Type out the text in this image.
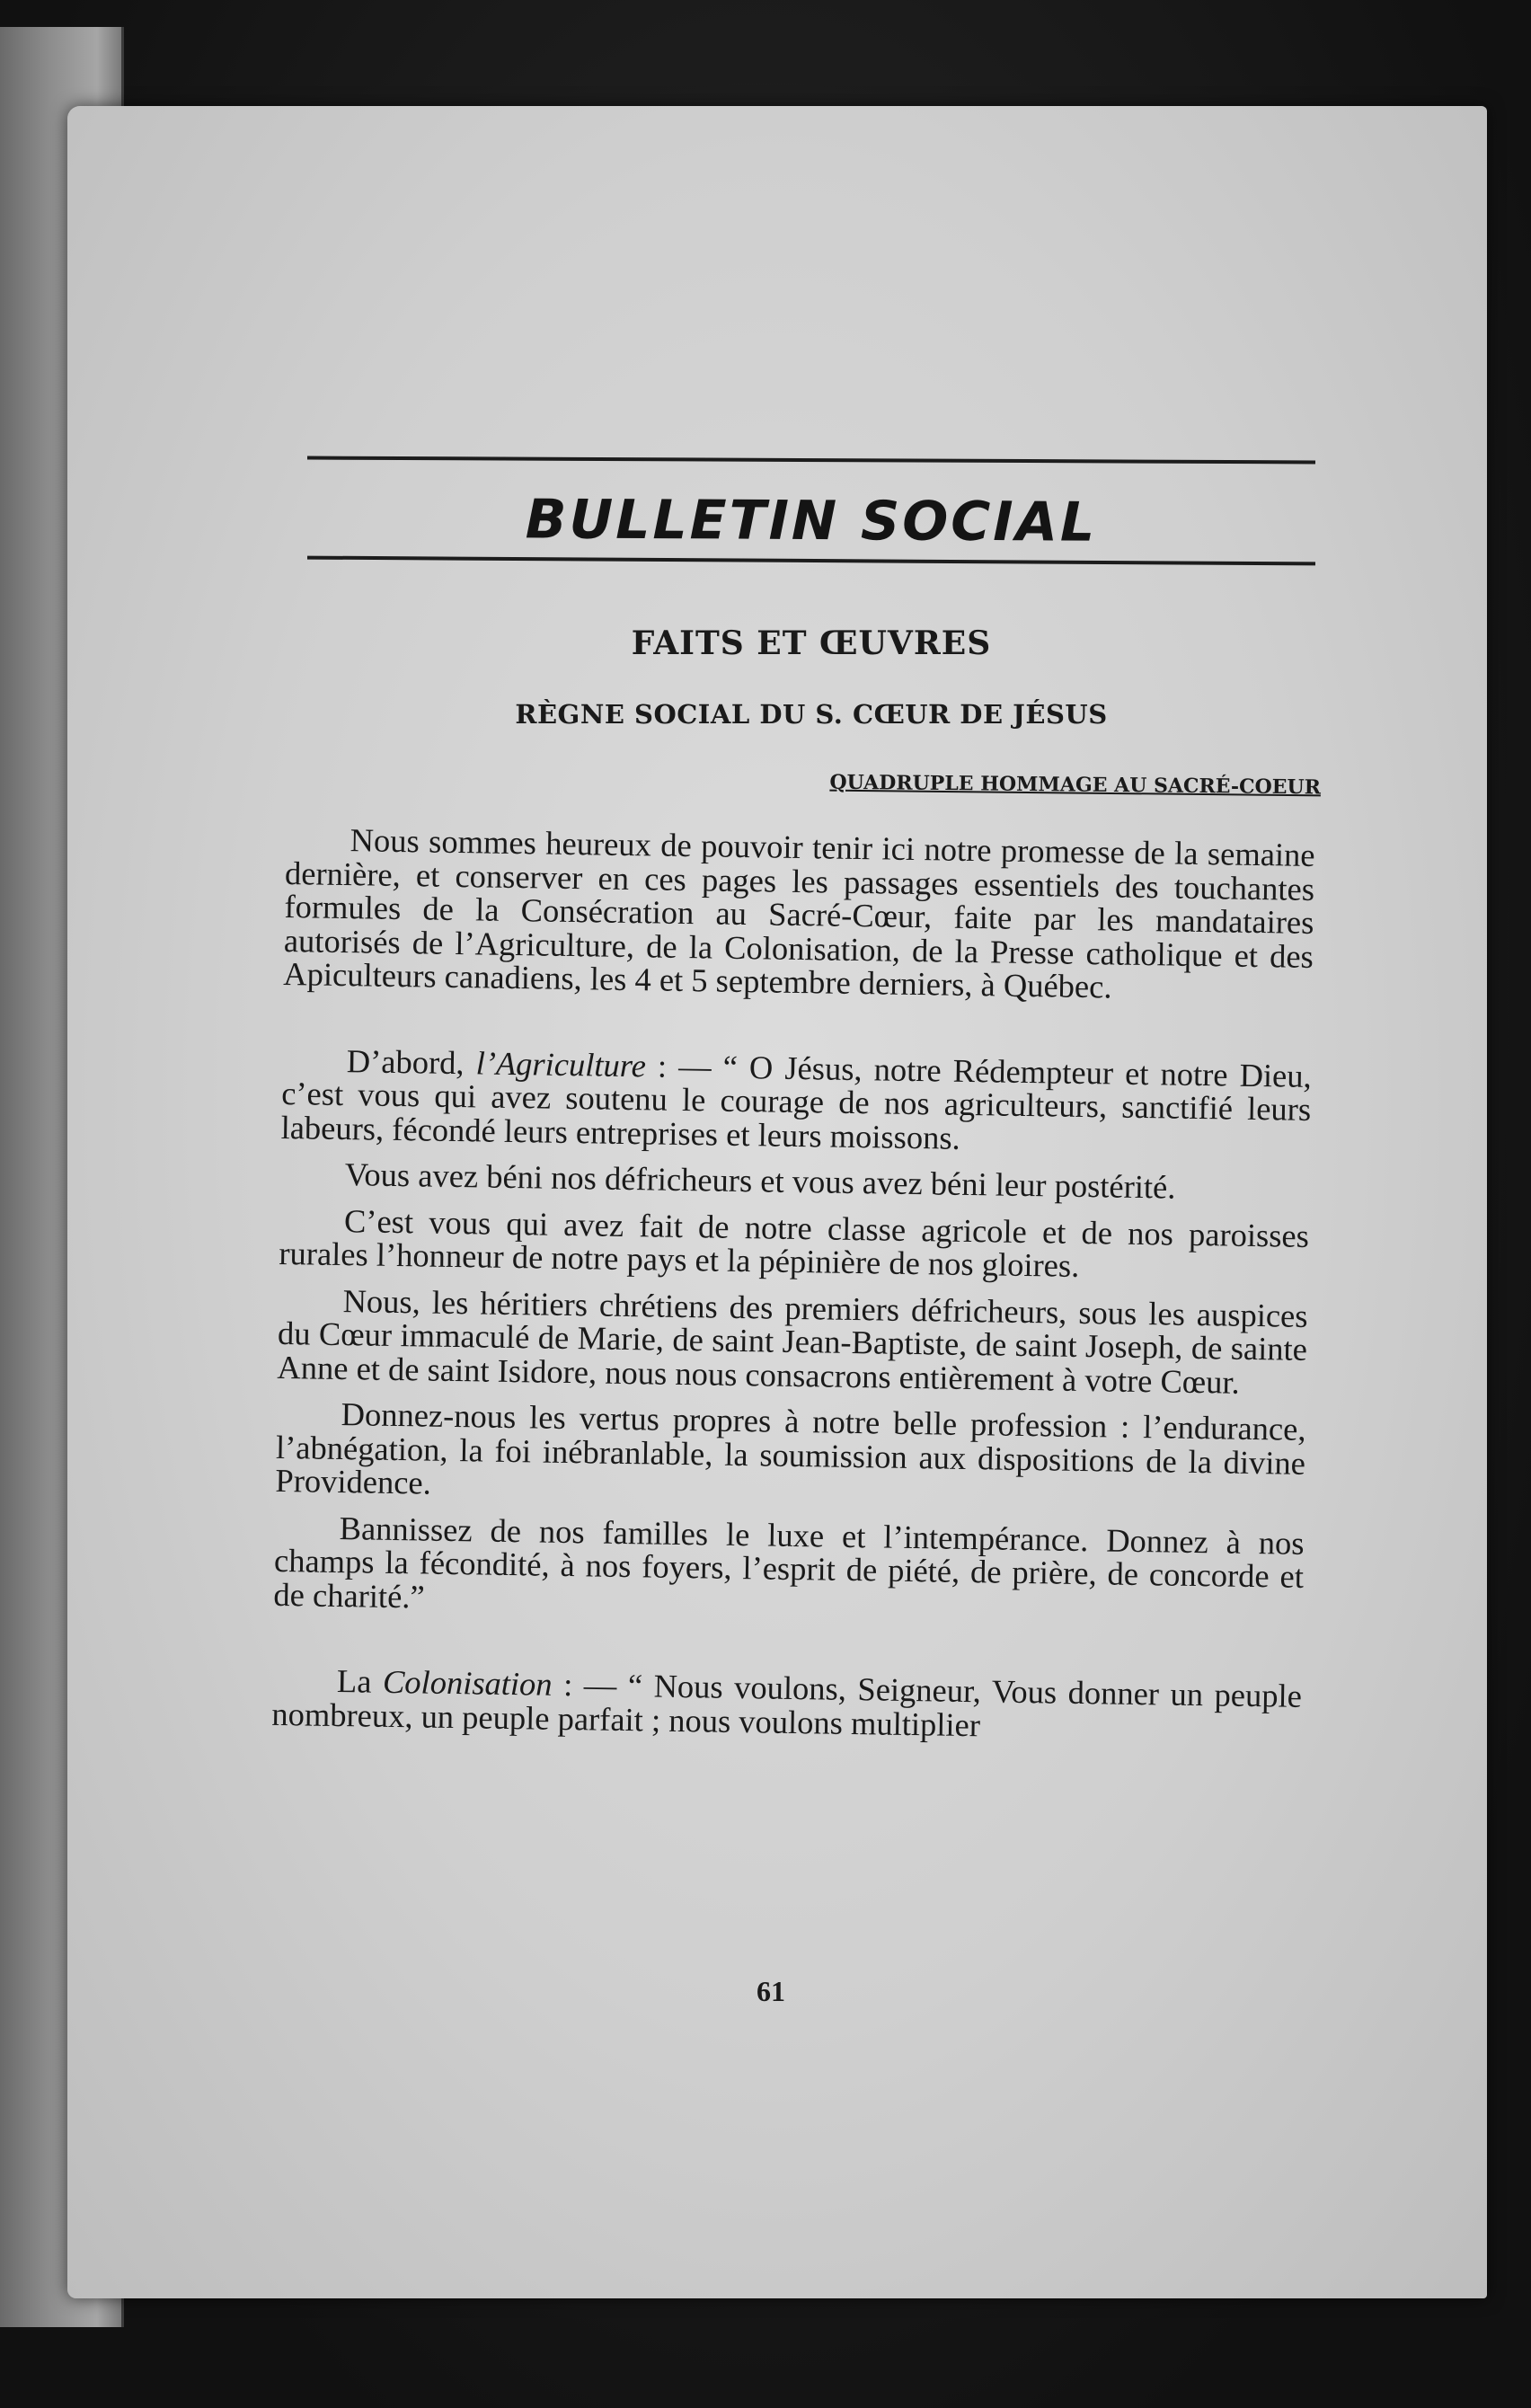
BULLETIN SOCIAL
FAITS ET ŒUVRES
RÈGNE SOCIAL DU S. CŒUR DE JÉSUS
QUADRUPLE HOMMAGE AU SACRÉ-COEUR

Nous sommes heureux de pouvoir tenir ici notre promesse de la semaine dernière, et conserver en ces pages les passages essentiels des touchantes formules de la Consécration au Sacré-Cœur, faite par les mandataires autorisés de l’Agriculture, de la Colonisation, de la Presse catholique et des Apiculteurs canadiens, les 4 et 5 septembre derniers, à Québec.

D’abord, l’Agriculture : — “ O Jésus, notre Rédempteur et notre Dieu, c’est vous qui avez soutenu le courage de nos agriculteurs, sanctifié leurs labeurs, fécondé leurs entreprises et leurs moissons.

Vous avez béni nos défricheurs et vous avez béni leur postérité.

C’est vous qui avez fait de notre classe agricole et de nos paroisses rurales l’honneur de notre pays et la pépinière de nos gloires.

Nous, les héritiers chrétiens des premiers défricheurs, sous les auspices du Cœur immaculé de Marie, de saint Jean-Baptiste, de saint Joseph, de sainte Anne et de saint Isidore, nous nous consacrons entièrement à votre Cœur.

Donnez-nous les vertus propres à notre belle profession : l’endurance, l’abnégation, la foi inébranlable, la soumission aux dispositions de la divine Providence.

Bannissez de nos familles le luxe et l’intempérance. Donnez à nos champs la fécondité, à nos foyers, l’esprit de piété, de prière, de concorde et de charité.”

La Colonisation : — “ Nous voulons, Seigneur, Vous donner un peuple nombreux, un peuple parfait ; nous voulons multiplier

61
